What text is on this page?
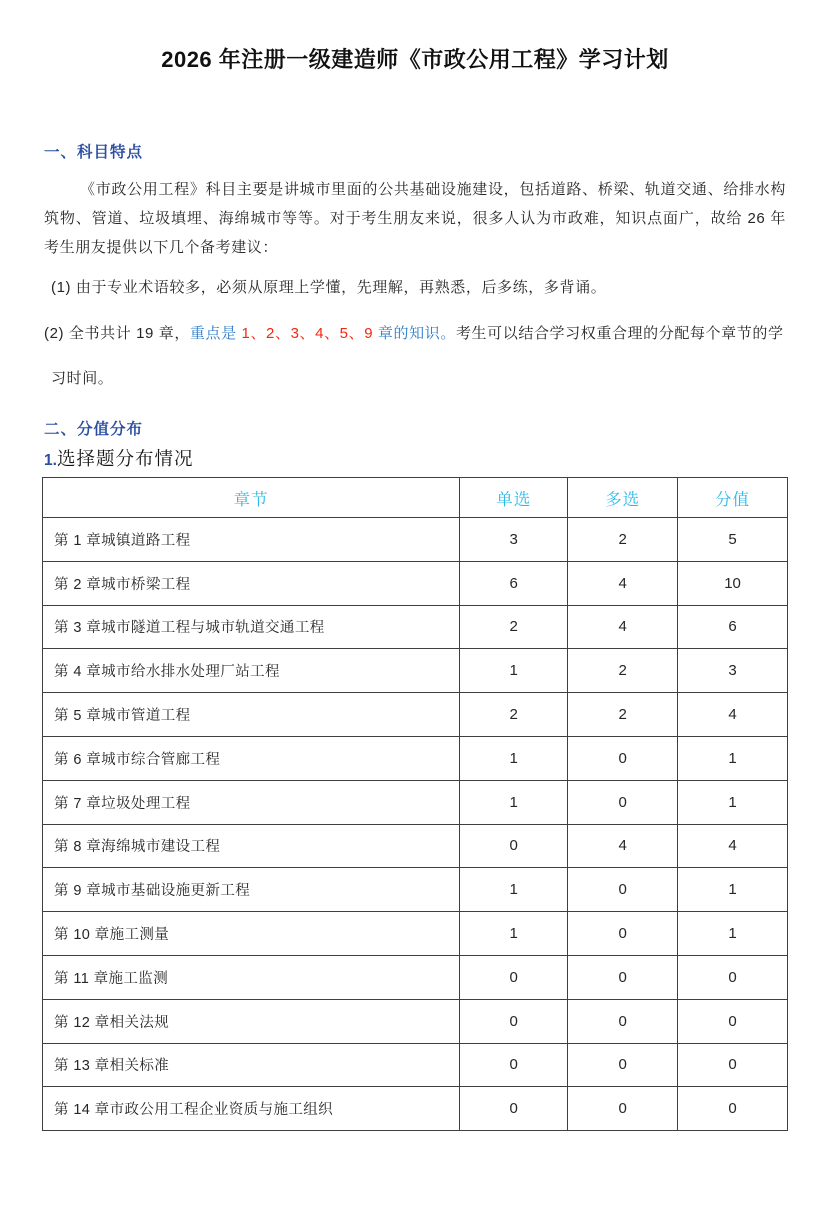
2026 年注册一级建造师《市政公用工程》学习计划
一、科目特点

《市政公用工程》科目主要是讲城市里面的公共基础设施建设，包括道路、桥梁、轨道交通、给排水构筑物、管道、垃圾填埋、海绵城市等等。对于考生朋友来说，很多人认为市政难，知识点面广，故给 26 年考生朋友提供以下几个备考建议：

(1) 由于专业术语较多，必须从原理上学懂，先理解，再熟悉，后多练，多背诵。

(2) 全书共计 19 章，重点是 1、2、3、4、5、9 章的知识。考生可以结合学习权重合理的分配每个章节的学习时间。

二、分值分布
1.选择题分布情况
章节	单选	多选	分值
第 1 章城镇道路工程	3	2	5
第 2 章城市桥梁工程	6	4	10
第 3 章城市隧道工程与城市轨道交通工程	2	4	6
第 4 章城市给水排水处理厂站工程	1	2	3
第 5 章城市管道工程	2	2	4
第 6 章城市综合管廊工程	1	0	1
第 7 章垃圾处理工程	1	0	1
第 8 章海绵城市建设工程	0	4	4
第 9 章城市基础设施更新工程	1	0	1
第 10 章施工测量	1	0	1
第 11 章施工监测	0	0	0
第 12 章相关法规	0	0	0
第 13 章相关标准	0	0	0
第 14 章市政公用工程企业资质与施工组织	0	0	0
